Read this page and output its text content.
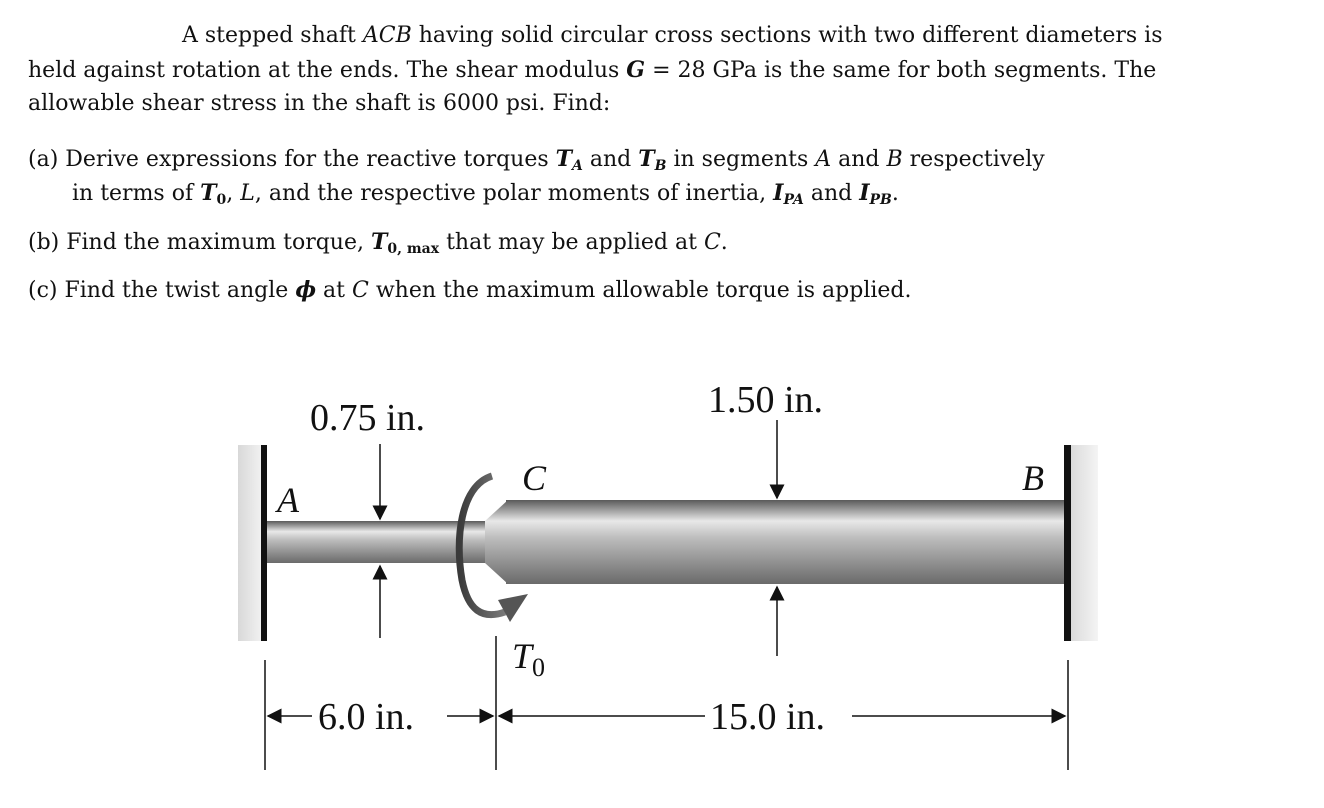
A stepped shaft ACB having solid circular cross sections with two different diameters is
held against rotation at the ends. The shear modulus G = 28 GPa is the same for both segments. The
allowable shear stress in the shaft is 6000 psi. Find:
(a) Derive expressions for the reactive torques $T_A$ and $T_B$ in segments A and B respectively
in terms of T0, L, and the respective polar moments of inertia, $I_{PA}$ and $I_{PB}$.
(b) Find the maximum torque, T0, max that may be applied at C.
(c) Find the twist angle ϕ at C when the maximum allowable torque is applied.
0.75 in.	1.50 in.
A
B
C
$T_0$
6.0 in.	15.0 in.
